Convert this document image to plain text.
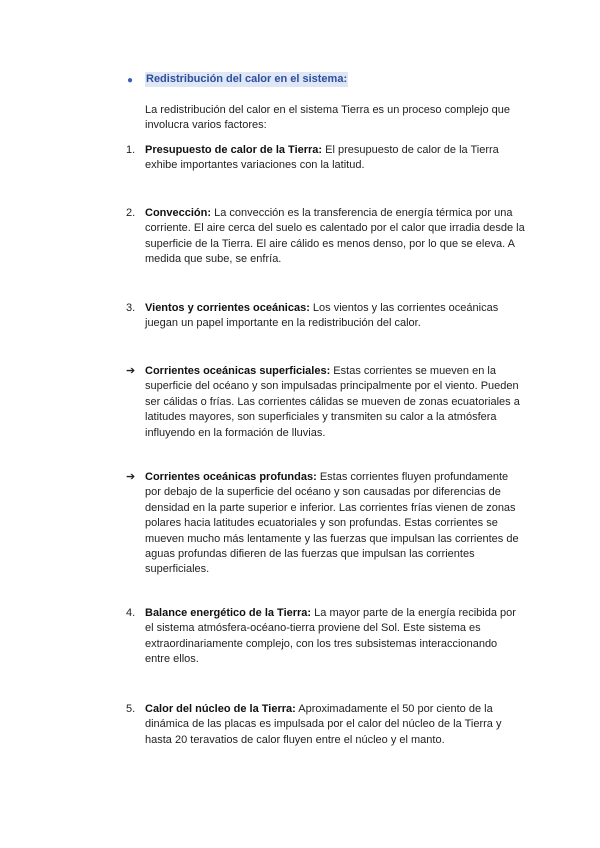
● Redistribución del calor en el sistema:
La redistribución del calor en el sistema Tierra es un proceso complejo que involucra varios factores:
1. Presupuesto de calor de la Tierra: El presupuesto de calor de la Tierra exhibe importantes variaciones con la latitud.
2. Convección: La convección es la transferencia de energía térmica por una corriente. El aire cerca del suelo es calentado por el calor que irradia desde la superficie de la Tierra. El aire cálido es menos denso, por lo que se eleva. A medida que sube, se enfría.
3. Vientos y corrientes oceánicas: Los vientos y las corrientes oceánicas juegan un papel importante en la redistribución del calor.
➔ Corrientes oceánicas superficiales: Estas corrientes se mueven en la superficie del océano y son impulsadas principalmente por el viento. Pueden ser cálidas o frías. Las corrientes cálidas se mueven de zonas ecuatoriales a latitudes mayores, son superficiales y transmiten su calor a la atmósfera influyendo en la formación de lluvias.
➔ Corrientes oceánicas profundas: Estas corrientes fluyen profundamente por debajo de la superficie del océano y son causadas por diferencias de densidad en la parte superior e inferior. Las corrientes frías vienen de zonas polares hacia latitudes ecuatoriales y son profundas. Estas corrientes se mueven mucho más lentamente y las fuerzas que impulsan las corrientes de aguas profundas difieren de las fuerzas que impulsan las corrientes superficiales.
4. Balance energético de la Tierra: La mayor parte de la energía recibida por el sistema atmósfera-océano-tierra proviene del Sol. Este sistema es extraordinariamente complejo, con los tres subsistemas interaccionando entre ellos.
5. Calor del núcleo de la Tierra: Aproximadamente el 50 por ciento de la dinámica de las placas es impulsada por el calor del núcleo de la Tierra y hasta 20 teravatios de calor fluyen entre el núcleo y el manto.
